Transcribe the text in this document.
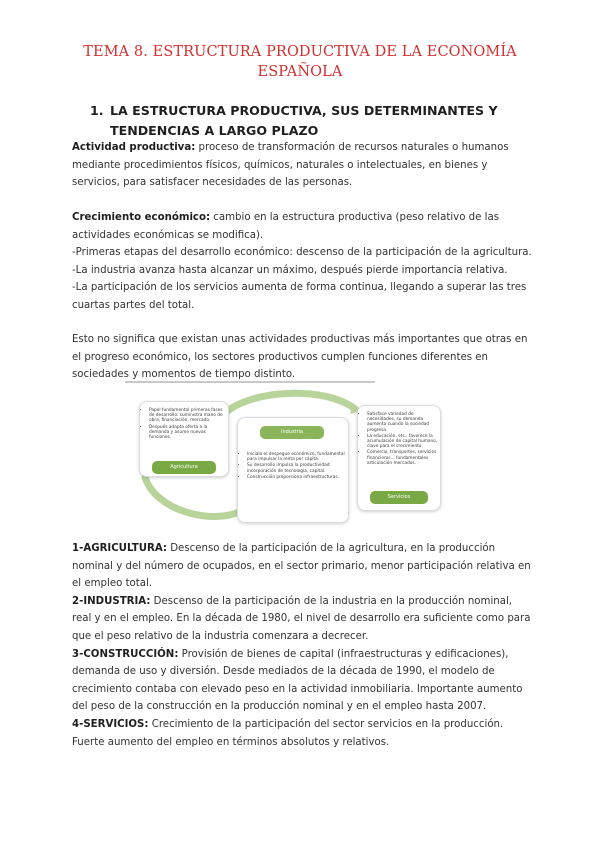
TEMA 8. ESTRUCTURA PRODUCTIVA DE LA ECONOMÍA ESPAÑOLA
1. LA ESTRUCTURA PRODUCTIVA, SUS DETERMINANTES Y TENDENCIAS A LARGO PLAZO

Actividad productiva: proceso de transformación de recursos naturales o humanos mediante procedimientos físicos, químicos, naturales o intelectuales, en bienes y servicios, para satisfacer necesidades de las personas.

Crecimiento económico: cambio en la estructura productiva (peso relativo de las actividades económicas se modifica).

-Primeras etapas del desarrollo económico: descenso de la participación de la agricultura.

-La industria avanza hasta alcanzar un máximo, después pierde importancia relativa.

-La participación de los servicios aumenta de forma continua, llegando a superar las tres cuartas partes del total.

Esto no significa que existan unas actividades productivas más importantes que otras en el progreso económico, los sectores productivos cumplen funciones diferentes en sociedades y momentos de tiempo distinto.

• Papel fundamental primeras fases de desarrollo: suministra mano de obra, financiación, mercado.
• Después adapta oferta a la demanda y asume nuevas funciones.
Agricultura
Industria
• Inicialo el despegue económico, fundamental para impulsar la renta per cápita.
• Su desarrollo impulsa la productividad: incorporación de tecnología, capital.
• Construcción proporciona infraestructuras.
• Satisface variedad de necesidades, su demanda aumenta cuando la sociedad progresa.
• La educación, etc., favorece la acumulación de capital humano, clave para el crecimiento.
• Comercio, transportes, servicios financieros... fundamentales articulación mercados.
Servicios

1-AGRICULTURA: Descenso de la participación de la agricultura, en la producción nominal y del número de ocupados, en el sector primario, menor participación relativa en el empleo total.

2-INDUSTRIA: Descenso de la participación de la industria en la producción nominal, real y en el empleo. En la década de 1980, el nivel de desarrollo era suficiente como para que el peso relativo de la industria comenzara a decrecer.

3-CONSTRUCCIÓN: Provisión de bienes de capital (infraestructuras y edificaciones), demanda de uso y diversión. Desde mediados de la década de 1990, el modelo de crecimiento contaba con elevado peso en la actividad inmobiliaria. Importante aumento del peso de la construcción en la producción nominal y en el empleo hasta 2007.

4-SERVICIOS: Crecimiento de la participación del sector servicios en la producción. Fuerte aumento del empleo en términos absolutos y relativos.
